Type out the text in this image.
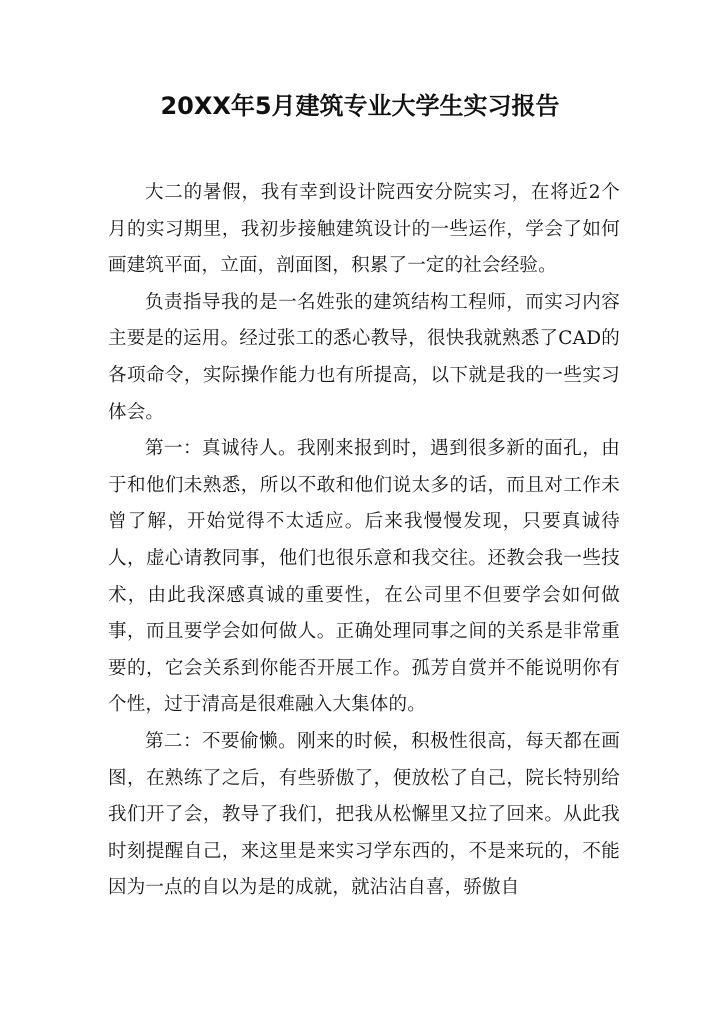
20XX年5月建筑专业大学生实习报告

大二的暑假，我有幸到设计院西安分院实习，在将近2个月的实习期里，我初步接触建筑设计的一些运作，学会了如何画建筑平面，立面，剖面图，积累了一定的社会经验。

负责指导我的是一名姓张的建筑结构工程师，而实习内容主要是的运用。经过张工的悉心教导，很快我就熟悉了CAD的各项命令，实际操作能力也有所提高，以下就是我的一些实习体会。

第一：真诚待人。我刚来报到时，遇到很多新的面孔，由于和他们未熟悉，所以不敢和他们说太多的话，而且对工作未曾了解，开始觉得不太适应。后来我慢慢发现，只要真诚待人，虚心请教同事，他们也很乐意和我交往。还教会我一些技术，由此我深感真诚的重要性，在公司里不但要学会如何做事，而且要学会如何做人。正确处理同事之间的关系是非常重要的，它会关系到你能否开展工作。孤芳自赏并不能说明你有个性，过于清高是很难融入大集体的。

第二：不要偷懒。刚来的时候，积极性很高，每天都在画图，在熟练了之后，有些骄傲了，便放松了自己，院长特别给我们开了会，教导了我们，把我从松懈里又拉了回来。从此我时刻提醒自己，来这里是来实习学东西的，不是来玩的，不能因为一点的自以为是的成就，就沾沾自喜，骄傲自
